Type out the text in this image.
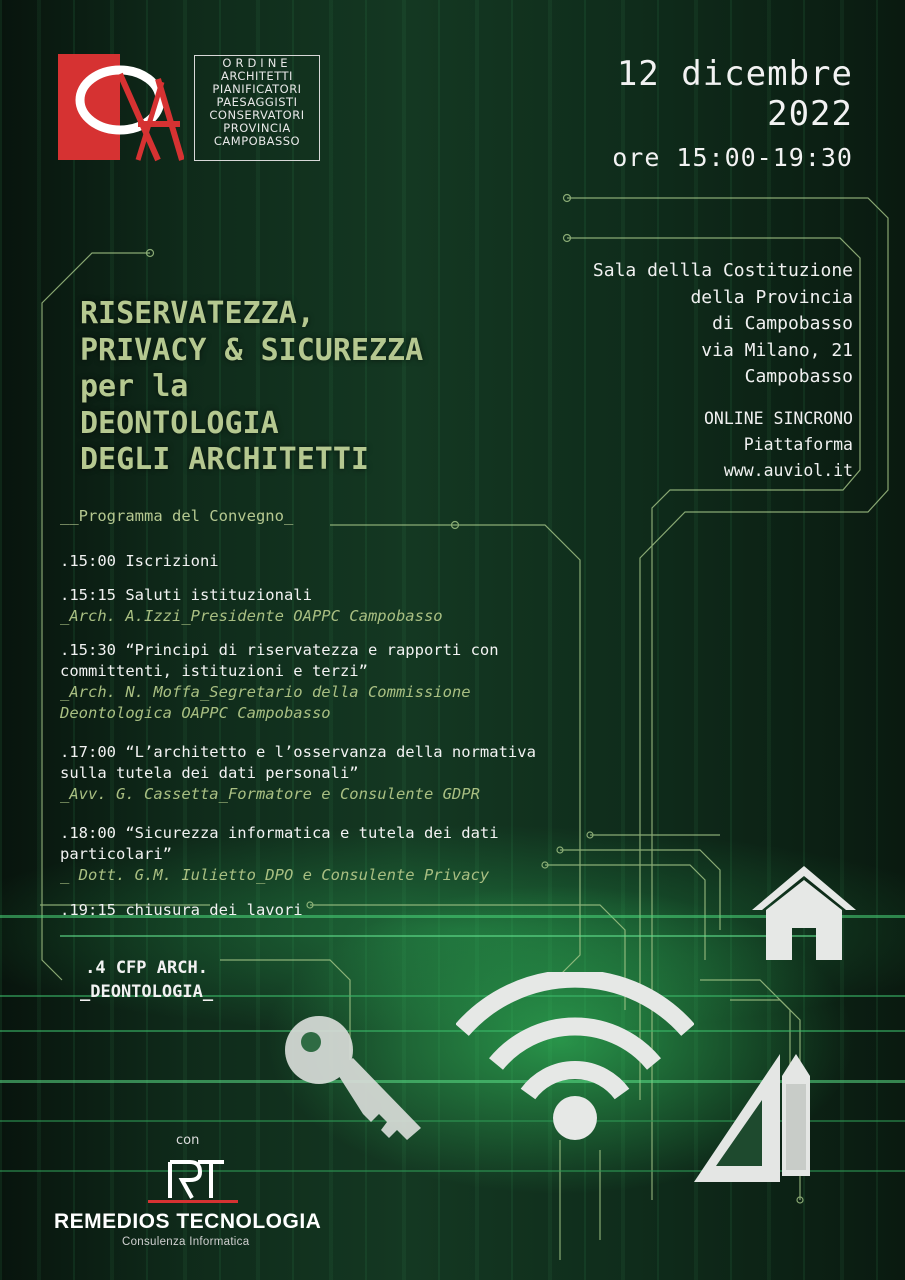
ORDINE
ARCHITETTI
PIANIFICATORI
PAESAGGISTI
CONSERVATORI
PROVINCIA
CAMPOBASSO
12 dicembre
2022
ore 15:00-19:30
Sala dellla Costituzione
della Provincia
di Campobasso
via Milano, 21
Campobasso
ONLINE SINCRONO
Piattaforma
www.auviol.it
RISERVATEZZA,
PRIVACY & SICUREZZA
per la
DEONTOLOGIA
DEGLI ARCHITETTI
__Programma del Convegno_
.15:00 Iscrizioni
.15:15 Saluti istituzionali
_Arch. A.Izzi_Presidente OAPPC Campobasso
.15:30 “Principi di riservatezza e rapporti con committenti, istituzioni e terzi”
_Arch. N. Moffa_Segretario della Commissione Deontologica OAPPC Campobasso
.17:00 “L’architetto e l’osservanza della normativa sulla tutela dei dati personali”
_Avv. G. Cassetta_Formatore e Consulente GDPR
.18:00 “Sicurezza informatica e tutela dei dati particolari”
_ Dott. G.M. Iulietto_DPO e Consulente Privacy
.19:15 chiusura dei lavori
.4 CFP ARCH.
_DEONTOLOGIA_
con
REMEDIOS TECNOLOGIA
Consulenza Informatica
